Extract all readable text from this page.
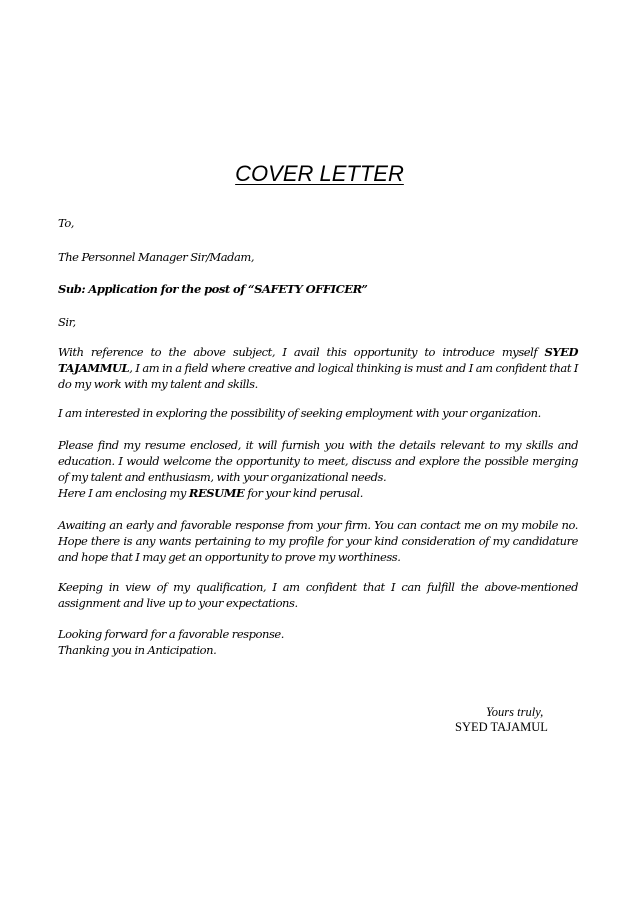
COVER LETTER
To,
The Personnel Manager Sir/Madam,
Sub: Application for the post of “SAFETY OFFICER”
Sir,
With reference to the above subject, I avail this opportunity to introduce myself SYED TAJAMMUL, I am in a field where creative and logical thinking is must and I am confident that I do my work with my talent and skills.
I am interested in exploring the possibility of seeking employment with your organization.
Please find my resume enclosed, it will furnish you with the details relevant to my skills and education. I would welcome the opportunity to meet, discuss and explore the possible merging of my talent and enthusiasm, with your organizational needs.
Here I am enclosing my RESUME for your kind perusal.
Awaiting an early and favorable response from your firm. You can contact me on my mobile no. Hope there is any wants pertaining to my profile for your kind consideration of my candidature and hope that I may get an opportunity to prove my worthiness.
Keeping in view of my qualification, I am confident that I can fulfill the above-mentioned assignment and live up to your expectations.
Looking forward for a favorable response.
Thanking you in Anticipation.
Yours truly,
SYED TAJAMUL
